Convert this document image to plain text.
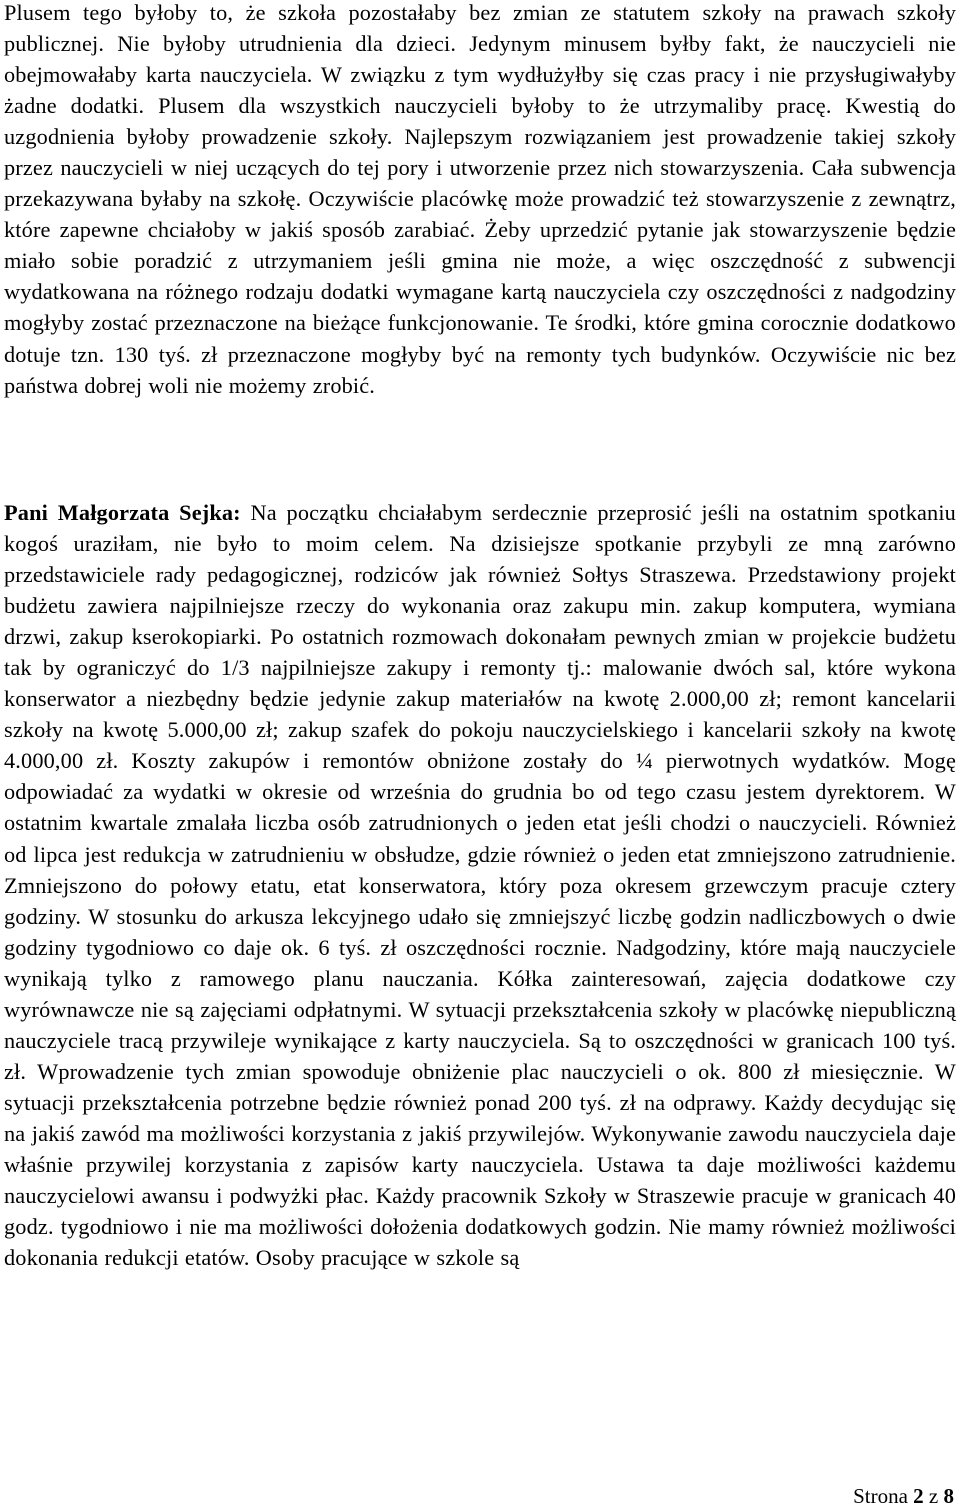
Plusem tego byłoby to, że szkoła pozostałaby bez zmian ze statutem szkoły na prawach szkoły publicznej. Nie byłoby utrudnienia dla dzieci. Jedynym minusem byłby fakt, że nauczycieli nie obejmowałaby karta nauczyciela. W związku z tym wydłużyłby się czas pracy i nie przysługiwałyby żadne dodatki. Plusem dla wszystkich nauczycieli byłoby to że utrzymaliby pracę. Kwestią do uzgodnienia byłoby prowadzenie szkoły. Najlepszym rozwiązaniem jest prowadzenie takiej szkoły przez nauczycieli w niej uczących do tej pory i utworzenie przez nich stowarzyszenia. Cała subwencja przekazywana byłaby na szkołę. Oczywiście placówkę może prowadzić też stowarzyszenie z zewnątrz, które zapewne chciałoby w jakiś sposób zarabiać. Żeby uprzedzić pytanie jak stowarzyszenie będzie miało sobie poradzić z utrzymaniem jeśli gmina nie może, a więc oszczędność z subwencji wydatkowana na różnego rodzaju dodatki wymagane kartą nauczyciela czy oszczędności z nadgodziny mogłyby zostać przeznaczone na bieżące funkcjonowanie. Te środki, które gmina corocznie dodatkowo dotuje tzn. 130 tyś. zł przeznaczone mogłyby być na remonty tych budynków. Oczywiście nic bez państwa dobrej woli nie możemy zrobić.

Pani Małgorzata Sejka: Na początku chciałabym serdecznie przeprosić jeśli na ostatnim spotkaniu kogoś uraziłam, nie było to moim celem. Na dzisiejsze spotkanie przybyli ze mną zarówno przedstawiciele rady pedagogicznej, rodziców jak również Sołtys Straszewa. Przedstawiony projekt budżetu zawiera najpilniejsze rzeczy do wykonania oraz zakupu min. zakup komputera, wymiana drzwi, zakup kserokopiarki. Po ostatnich rozmowach dokonałam pewnych zmian w projekcie budżetu tak by ograniczyć do 1/3 najpilniejsze zakupy i remonty tj.: malowanie dwóch sal, które wykona konserwator a niezbędny będzie jedynie zakup materiałów na kwotę 2.000,00 zł; remont kancelarii szkoły na kwotę 5.000,00 zł; zakup szafek do pokoju nauczycielskiego i kancelarii szkoły na kwotę 4.000,00 zł. Koszty zakupów i remontów obniżone zostały do ¼ pierwotnych wydatków. Mogę odpowiadać za wydatki w okresie od września do grudnia bo od tego czasu jestem dyrektorem. W ostatnim kwartale zmalała liczba osób zatrudnionych o jeden etat jeśli chodzi o nauczycieli. Również od lipca jest redukcja w zatrudnieniu w obsłudze, gdzie również o jeden etat zmniejszono zatrudnienie. Zmniejszono do połowy etatu, etat konserwatora, który poza okresem grzewczym pracuje cztery godziny. W stosunku do arkusza lekcyjnego udało się zmniejszyć liczbę godzin nadliczbowych o dwie godziny tygodniowo co daje ok. 6 tyś. zł oszczędności rocznie. Nadgodziny, które mają nauczyciele wynikają tylko z ramowego planu nauczania. Kółka zainteresowań, zajęcia dodatkowe czy wyrównawcze nie są zajęciami odpłatnymi. W sytuacji przekształcenia szkoły w placówkę niepubliczną nauczyciele tracą przywileje wynikające z karty nauczyciela. Są to oszczędności w granicach 100 tyś. zł. Wprowadzenie tych zmian spowoduje obniżenie plac nauczycieli o ok. 800 zł miesięcznie. W sytuacji przekształcenia potrzebne będzie również ponad 200 tyś. zł na odprawy. Każdy decydując się na jakiś zawód ma możliwości korzystania z jakiś przywilejów. Wykonywanie zawodu nauczyciela daje właśnie przywilej korzystania z zapisów karty nauczyciela. Ustawa ta daje możliwości każdemu nauczycielowi awansu i podwyżki płac. Każdy pracownik Szkoły w Straszewie pracuje w granicach 40 godz. tygodniowo i nie ma możliwości dołożenia dodatkowych godzin. Nie mamy również możliwości dokonania redukcji etatów. Osoby pracujące w szkole są

Strona 2 z 8
